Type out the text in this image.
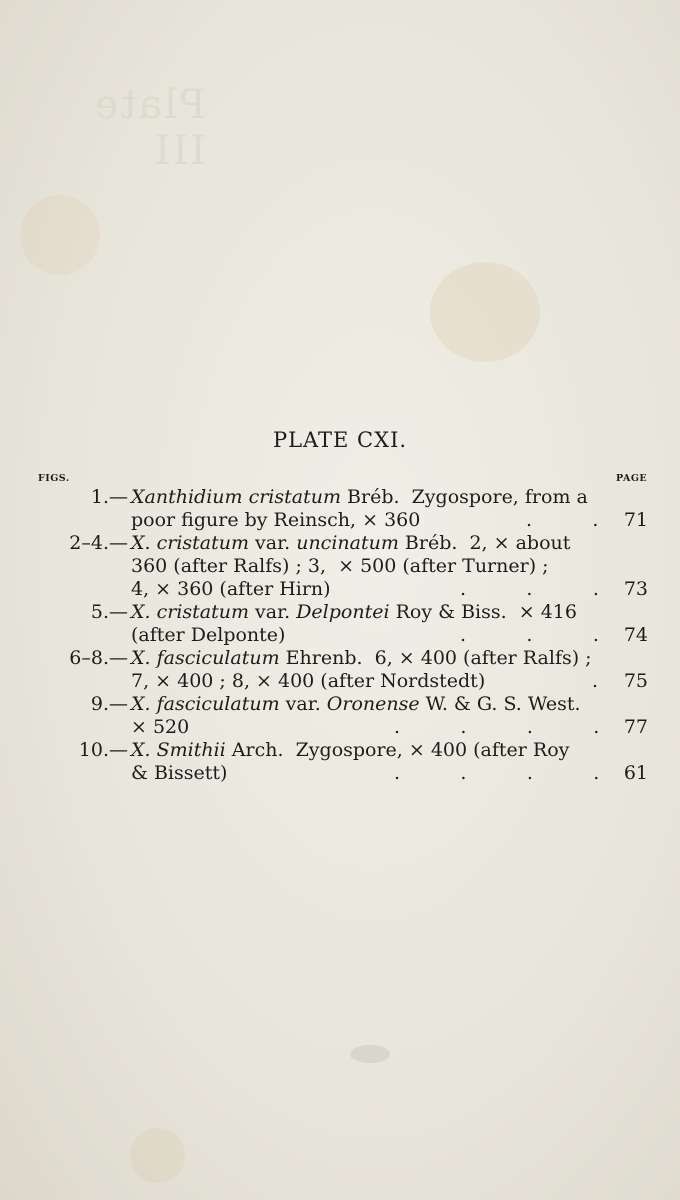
Plate III
PLATE CXI.
FIGS.	PAGE
1.— Xanthidium cristatum Bréb.  Zygospore, from a
poor figure by Reinsch, × 360	.          .	71
2–4.— X. cristatum var. uncinatum Bréb.  2, × about
360 (after Ralfs) ; 3,  × 500 (after Turner) ;
4, × 360 (after Hirn)	.          .          .	73
5.— X. cristatum var. Delpontei Roy & Biss.  × 416
(after Delponte)	.          .          .	74
6–8.— X. fasciculatum Ehrenb.  6, × 400 (after Ralfs) ;
7, × 400 ; 8, × 400 (after Nordstedt)	.	75
9.— X. fasciculatum var. Oronense W. & G. S. West.
× 520	.          .          .          .	77
10.— X. Smithii Arch.  Zygospore, × 400 (after Roy
& Bissett)	.          .          .          .	61
